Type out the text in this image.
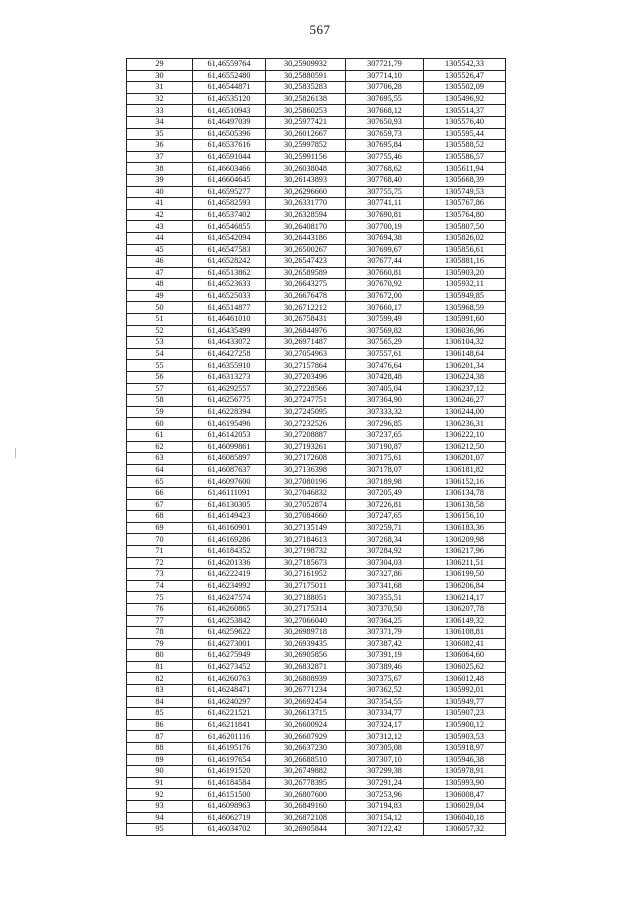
567
29	61,46559764	30,25909932	307721,79	1305542,33
30	61,46552480	30,25880591	307714,10	1305526,47
31	61,46544871	30,25835283	307706,28	1305502,09
32	61,46535120	30,25826138	307695,55	1305496,92
33	61,46510943	30,25860253	307668,12	1305514,37
34	61,46497039	30,25977421	307650,93	1305576,40
35	61,46505396	30,26012667	307659,73	1305595,44
36	61,46537616	30,25997852	307695,84	1305588,52
37	61,46591044	30,25991156	307755,46	1305586,57
38	61,46603466	30,26038048	307768,62	1305611,94
39	61,46604645	30,26143893	307768,40	1305668,39
40	61,46595277	30,26296660	307755,75	1305749,53
41	61,46582593	30,26331770	307741,11	1305767,86
42	61,46537402	30,26328594	307690,81	1305764,80
43	61,46546855	30,26408170	307700,19	1305807,50
44	61,46542094	30,26443186	307694,38	1305826,02
45	61,46547583	30,26500267	307699,67	1305856,61
46	61,46528242	30,26547423	307677,44	1305881,16
47	61,46513862	30,26589589	307660,81	1305903,20
48	61,46523633	30,26643275	307670,92	1305932,11
49	61,46525033	30,26676478	307672,00	1305949,85
50	61,46514877	30,26712212	307660,17	1305968,59
51	61,46461010	30,26758431	307599,49	1305991,60
52	61,46435499	30,26844976	307569,82	1306036,96
53	61,46433072	30,26971487	307565,29	1306104,32
54	61,46427258	30,27054963	307557,61	1306148,64
55	61,46355910	30,27157864	307476,64	1306201,34
56	61,46313273	30,27203496	307428,48	1306224,38
57	61,46292557	30,27228566	307405,04	1306237,12
58	61,46256775	30,27247751	307364,90	1306246,27
59	61,46228394	30,27245095	307333,32	1306244,00
60	61,46195496	30,27232526	307296,85	1306236,31
61	61,46142053	30,27208887	307237,65	1306222,10
62	61,46099861	30,27193261	307190,87	1306212,50
63	61,46085897	30,27172608	307175,61	1306201,07
64	61,46087637	30,27136398	307178,07	1306181,82
65	61,46097600	30,27080196	307189,98	1306152,16
66	61,46111091	30,27046832	307205,49	1306134,78
67	61,46130305	30,27052874	307226,81	1306138,58
68	61,46149423	30,27084660	307247,65	1306156,10
69	61,46160901	30,27135149	307259,71	1306183,36
70	61,46169286	30,27184613	307268,34	1306209,98
71	61,46184352	30,27198732	307284,92	1306217,96
72	61,46201336	30,27185673	307304,03	1306211,51
73	61,46222419	30,27161952	307327,86	1306199,50
74	61,46234992	30,27175011	307341,68	1306206,84
75	61,46247574	30,27188051	307355,51	1306214,17
76	61,46260865	30,27175314	307370,50	1306207,78
77	61,46253842	30,27066040	307364,25	1306149,32
78	61,46259622	30,26989718	307371,79	1306108,81
79	61,46273001	30,26939435	307387,42	1306082,41
80	61,46275949	30,26905856	307391,19	1306064,60
81	61,46273452	30,26832871	307389,46	1306025,62
82	61,46260763	30,26808939	307375,67	1306012,48
83	61,46248471	30,26771234	307362,52	1305992,01
84	61,46240297	30,26692454	307354,55	1305949,77
85	61,46221521	30,26613715	307334,77	1305907,23
86	61,46211841	30,26600924	307324,17	1305900,12
87	61,46201116	30,26607929	307312,12	1305903,53
88	61,46195176	30,26637230	307305,08	1305918,97
89	61,46197654	30,26688510	307307,10	1305946,38
90	61,46191520	30,26749882	307299,38	1305978,91
91	61,46184584	30,26778395	307291,24	1305993,90
92	61,46151500	30,26807600	307253,96	1306008,47
93	61,46098963	30,26849160	307194,83	1306029,04
94	61,46062719	30,26872108	307154,12	1306040,18
95	61,46034702	30,26905844	307122,42	1306057,32
